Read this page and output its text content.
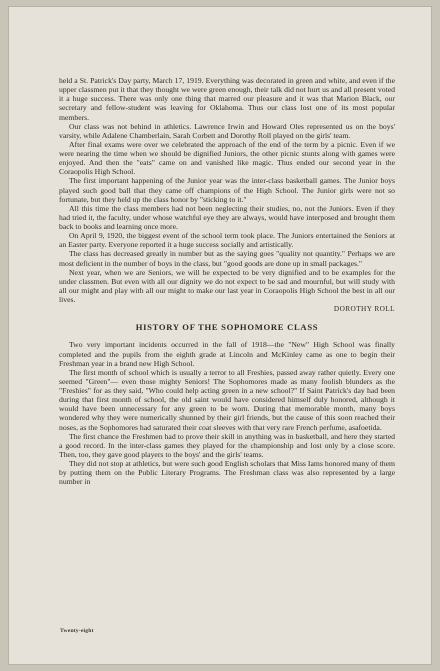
held a St. Patrick's Day party, March 17, 1919. Everything was decorated in green and white, and even if the upper classmen put it that they thought we were green enough, their talk did not hurt us and all present voted it a huge success. There was only one thing that marred our pleasure and it was that Marion Black, our secretary and fellow-student was leaving for Oklahoma. Thus our class lost one of its most popular members.

Our class was not behind in athletics. Lawrence Irwin and Howard Oles represented us on the boys' varsity, while Adalene Chamberlain, Sarah Corbett and Dorothy Roll played on the girls' team.

After final exams were over we celebrated the approach of the end of the term by a picnic. Even if we were nearing the time when we should be dignified Juniors, the other picnic stunts along with games were enjoyed. And then the "eats" came on and vanished like magic. Thus ended our second year in the Coraopolis High School.

The first important happening of the Junior year was the inter-class basketball games. The Junior boys played such good ball that they came off champions of the High School. The Junior girls were not so fortunate, but they held up the class honor by "sticking to it."

All this time the class members had not been neglecting their studies, no, not the Juniors. Even if they had tried it, the faculty, under whose watchful eye they are always, would have interposed and brought them back to books and learning once more.

On April 9, 1920, the biggest event of the school term took place. The Juniors entertained the Seniors at an Easter party. Everyone reported it a huge success socially and artistically.

The class has decreased greatly in number but as the saying goes "quality not quantity." Perhaps we are most deficient in the number of boys in the class, but "good goods are done up in small packages."

Next year, when we are Seniors, we will be expected to be very dignified and to be examples for the under classmen. But even with all our dignity we do not expect to be sad and mournful, but will study with all our might and play with all our might to make our last year in Coraopolis High School the best in all our lives.

DOROTHY ROLL
HISTORY OF THE SOPHOMORE CLASS

Two very important incidents occurred in the fall of 1918—the "New" High School was finally completed and the pupils from the eighth grade at Lincoln and McKinley came as one to begin their Freshman year in a brand new High School.

The first month of school which is usually a terror to all Freshies, passed away rather quietly. Every one seemed "Green"— even those mighty Seniors! The Sophomores made as many foolish blunders as the "Freshies" for as they said, "Who could help acting green in a new school?" If Saint Patrick's day had been during that first month of school, the old saint would have considered himself duly honored, although it would have been unnecessary for any green to be worn. During that memorable month, many boys wondered why they were numerically shunned by their girl friends, but the cause of this soon reached their noses, as the Sophomores had saturated their coat sleeves with that very rare French perfume, asafoetida.

The first chance the Freshmen had to prove their skill in anything was in basketball, and here they started a good record. In the inter-class games they played for the championship and lost only by a close score. Then, too, they gave good players to the boys' and the girls' teams.

They did not stop at athletics, but were such good English scholars that Miss Iams honored many of them by putting them on the Public Literary Programs. The Freshman class was also represented by a large number in

Twenty-eight
